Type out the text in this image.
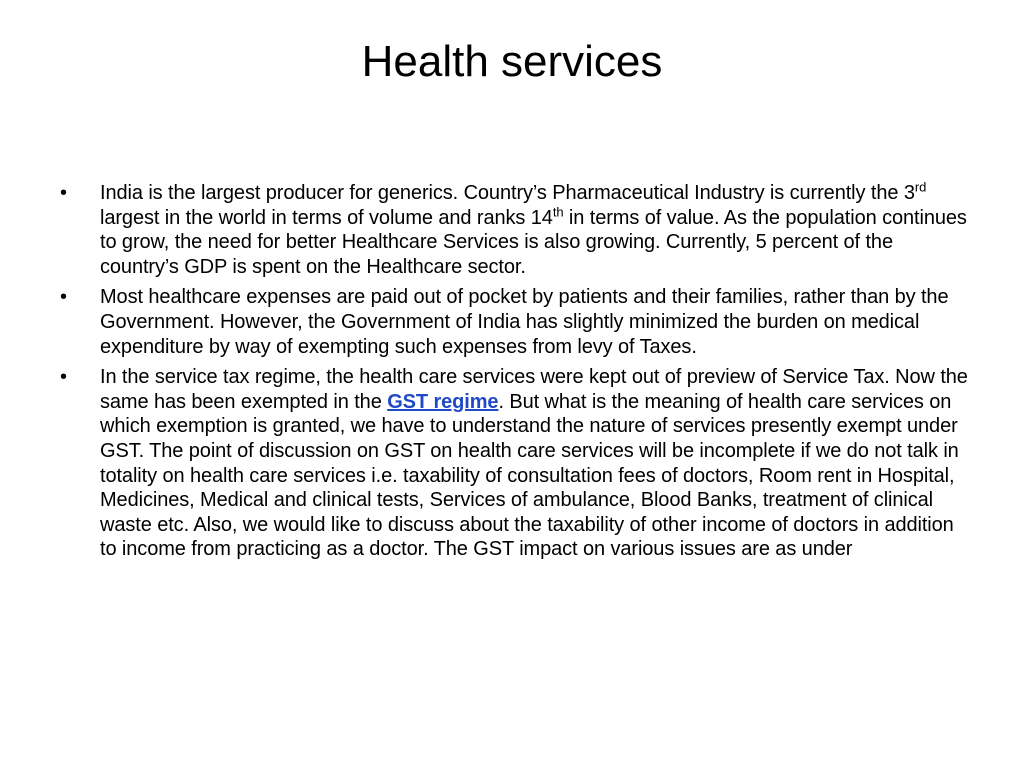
Health services
•	India is the largest producer for generics. Country’s Pharmaceutical Industry is currently the 3rd largest in the world in terms of volume and ranks 14th in terms of value. As the population continues to grow, the need for better Healthcare Services is also growing. Currently, 5 percent of the country’s GDP is spent on the Healthcare sector.
•	Most healthcare expenses are paid out of pocket by patients and their families, rather than by the Government. However, the Government of India has slightly minimized the burden on medical expenditure by way of exempting such expenses from levy of Taxes.
•	In the service tax regime, the health care services were kept out of preview of Service Tax. Now the same has been exempted in the GST regime. But what is the meaning of health care services on which exemption is granted, we have to understand the nature of services presently exempt under GST. The point of discussion on GST on health care services will be incomplete if we do not talk in totality on health care services i.e. taxability of consultation fees of doctors, Room rent in Hospital, Medicines, Medical and clinical tests, Services of ambulance, Blood Banks, treatment of clinical waste etc. Also, we would like to discuss about the taxability of other income of doctors in addition to income from practicing as a doctor. The GST impact on various issues are as under
